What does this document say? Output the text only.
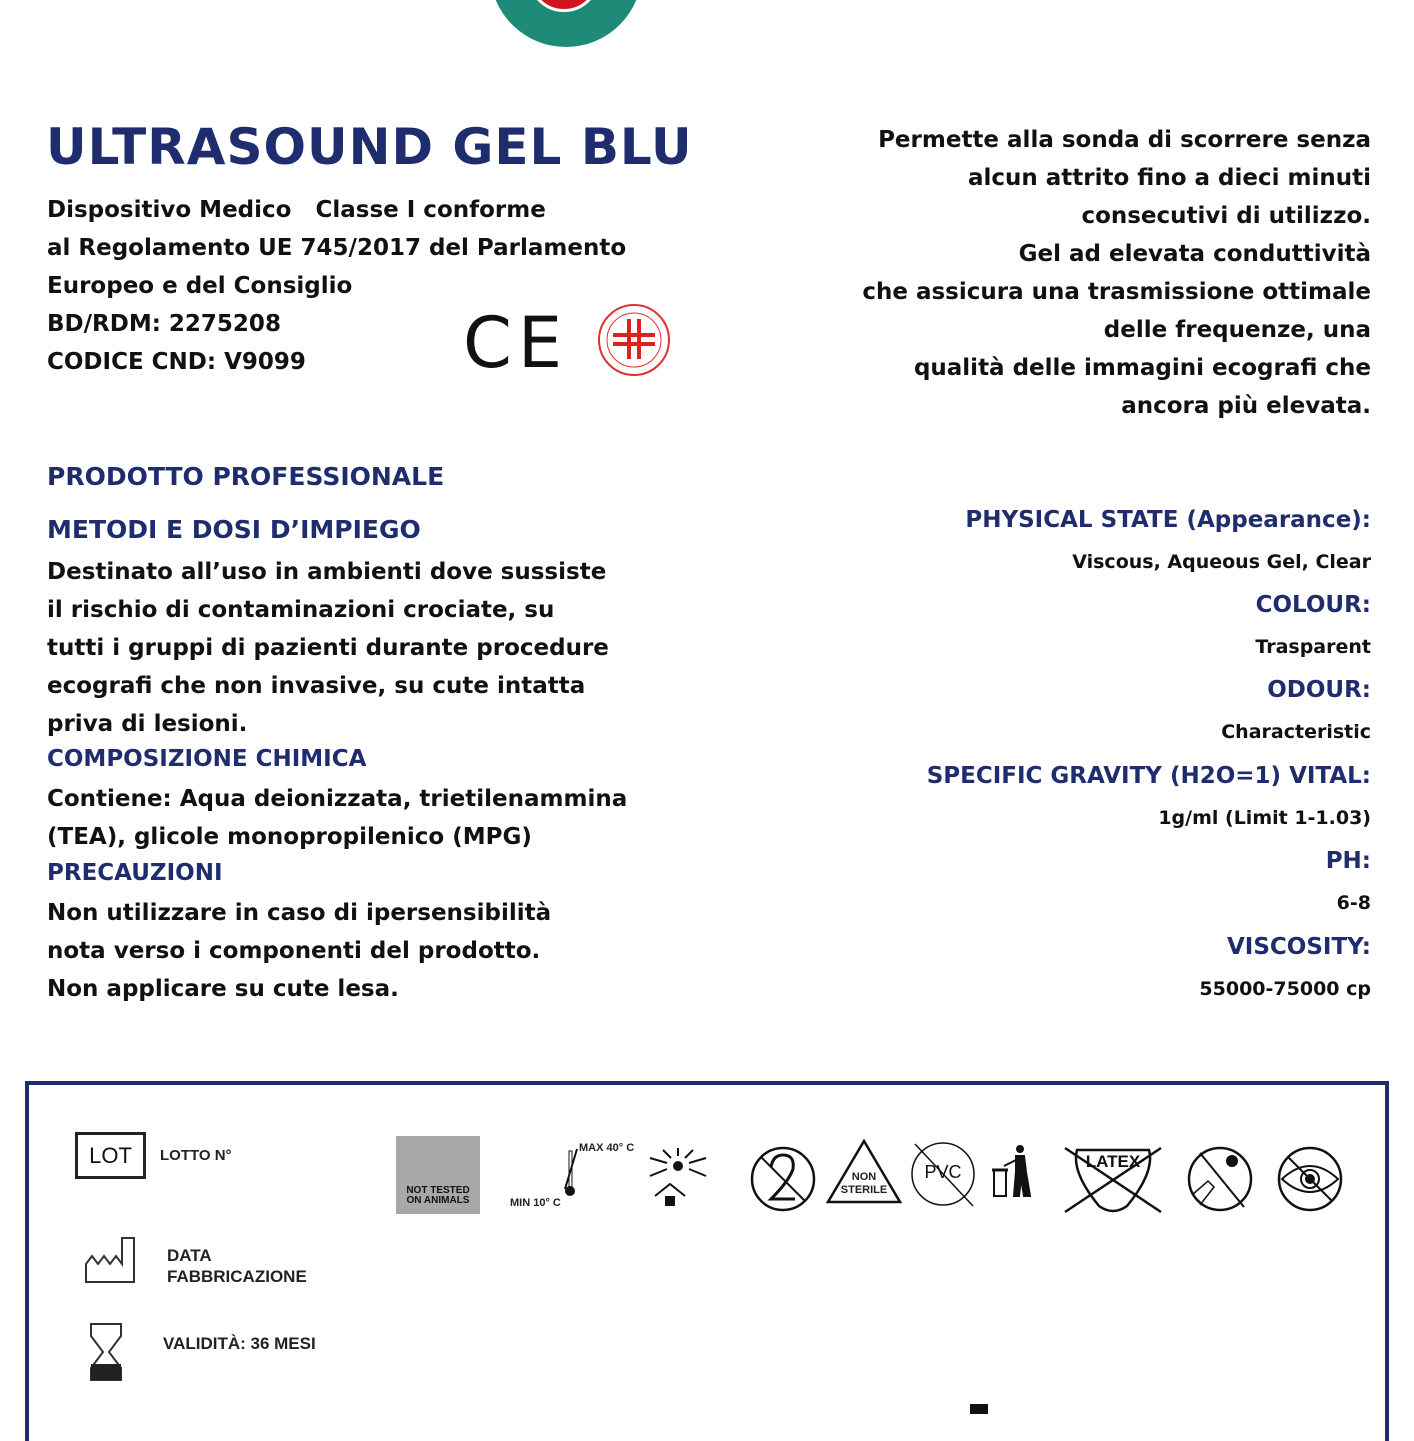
ULTRASOUND GEL BLU
Dispositivo Medico   Classe I conforme
al Regolamento UE 745/2017 del Parlamento
Europeo e del Consiglio
BD/RDM: 2275208
CODICE CND: V9099	CE
Permette alla sonda di scorrere senza
alcun attrito fino a dieci minuti
consecutivi di utilizzo.
Gel ad elevata conduttività
che assicura una trasmissione ottimale
delle frequenze, una
qualità delle immagini ecografi che
ancora più elevata.
PRODOTTO PROFESSIONALE
METODI E DOSI D’IMPIEGO
Destinato all’uso in ambienti dove sussiste
il rischio di contaminazioni crociate, su
tutti i gruppi di pazienti durante procedure
ecografi che non invasive, su cute intatta
priva di lesioni.
COMPOSIZIONE CHIMICA
Contiene: Aqua deionizzata, trietilenammina
(TEA), glicole monopropilenico (MPG)
PRECAUZIONI
Non utilizzare in caso di ipersensibilità
nota verso i componenti del prodotto.
Non applicare su cute lesa.
PHYSICAL STATE (Appearance):
Viscous, Aqueous Gel, Clear
COLOUR:
Trasparent
ODOUR:
Characteristic
SPECIFIC GRAVITY (H2O=1) VITAL:
1g/ml (Limit 1-1.03)
PH:
6-8
VISCOSITY:
55000-75000 cp
LOT	LOTTO N°
DATA
FABBRICAZIONE
VALIDITÀ: 36 MESI
NOT TESTED
ON ANIMALS
MAX 40° C
MIN 10° C
NON
STERILE
PVC
LATEX
